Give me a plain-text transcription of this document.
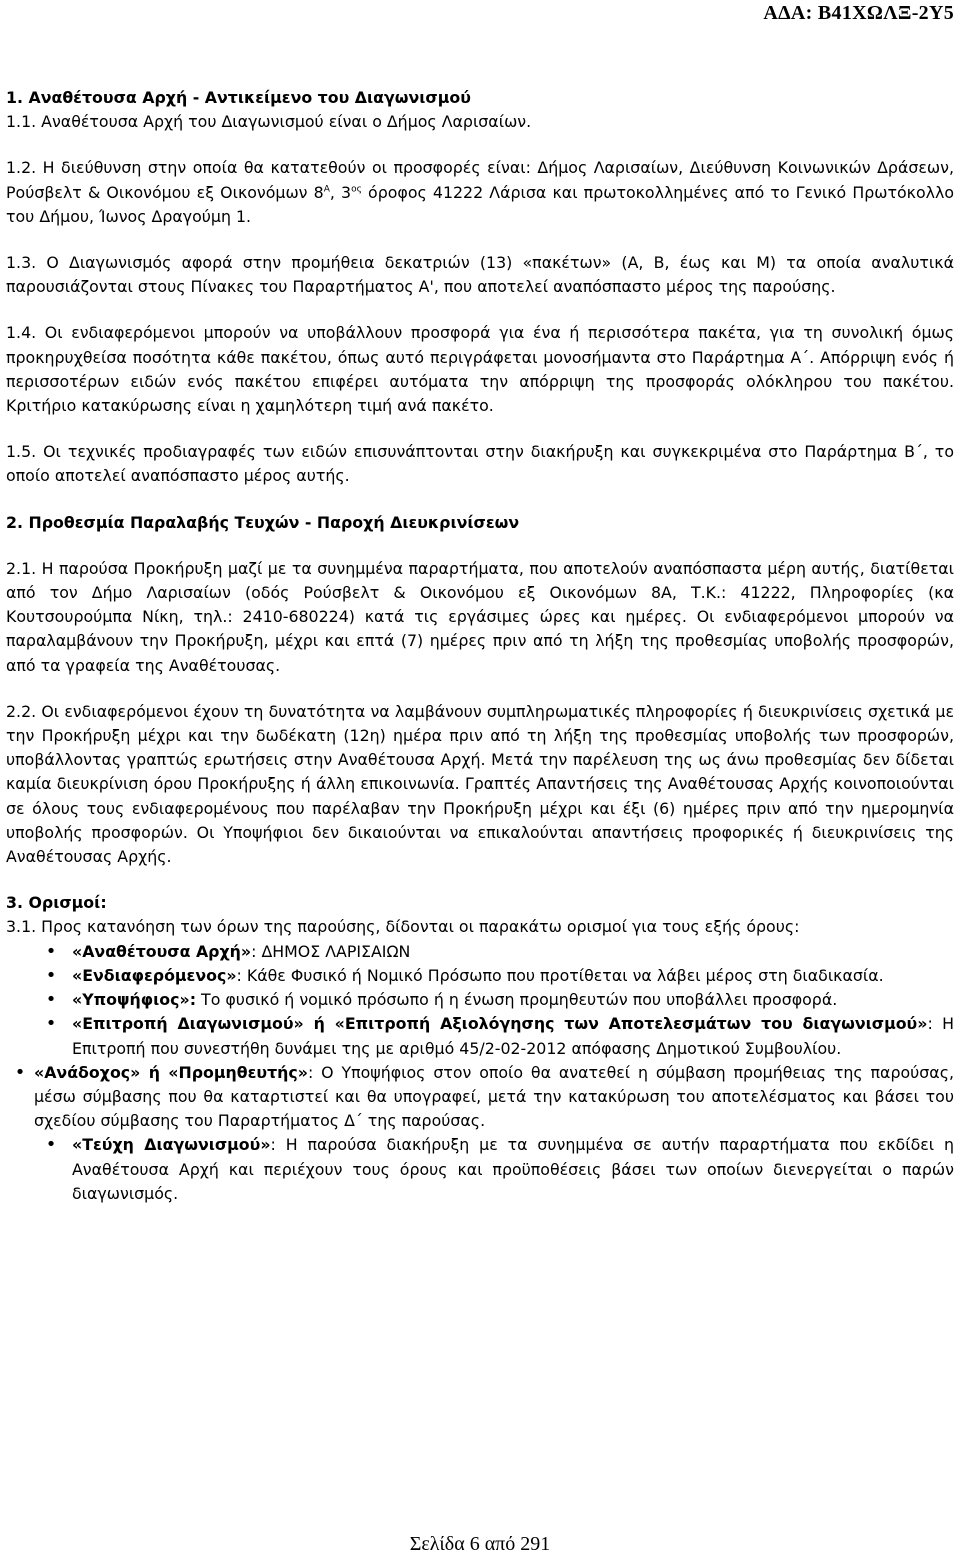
ΑΔΑ: Β41ΧΩΛΞ-2Υ5

1. Αναθέτουσα Αρχή - Αντικείμενο του Διαγωνισμού

1.1. Αναθέτουσα Αρχή του Διαγωνισμού είναι ο Δήμος Λαρισαίων.

1.2. Η διεύθυνση στην οποία θα κατατεθούν οι προσφορές είναι: Δήμος Λαρισαίων, Διεύθυνση Κοινωνικών Δράσεων, Ρούσβελτ & Οικονόμου εξ Οικονόμων $8^A$, $3^{o\varsigma}$ όροφος 41222 Λάρισα και πρωτοκολλημένες από το Γενικό Πρωτόκολλο του Δήμου, Ίωνος Δραγούμη 1.

1.3. Ο Διαγωνισμός αφορά στην προμήθεια δεκατριών (13) «πακέτων» (Α, Β, έως και Μ) τα οποία αναλυτικά παρουσιάζονται στους Πίνακες του Παραρτήματος Α', που αποτελεί αναπόσπαστο μέρος της παρούσης.

1.4. Οι ενδιαφερόμενοι μπορούν να υποβάλλουν προσφορά για ένα ή περισσότερα πακέτα, για τη συνολική όμως προκηρυχθείσα ποσότητα κάθε πακέτου, όπως αυτό περιγράφεται μονοσήμαντα στο Παράρτημα Α΄. Απόρριψη ενός ή περισσοτέρων ειδών ενός πακέτου επιφέρει αυτόματα την απόρριψη της προσφοράς ολόκληρου του πακέτου. Κριτήριο κατακύρωσης είναι η χαμηλότερη τιμή ανά πακέτο.

1.5. Οι τεχνικές προδιαγραφές των ειδών επισυνάπτονται στην διακήρυξη και συγκεκριμένα στο Παράρτημα Β΄, το οποίο αποτελεί αναπόσπαστο μέρος αυτής.

2. Προθεσμία Παραλαβής Τευχών - Παροχή Διευκρινίσεων

2.1. Η παρούσα Προκήρυξη μαζί με τα συνημμένα παραρτήματα, που αποτελούν αναπόσπαστα μέρη αυτής, διατίθεται από τον Δήμο Λαρισαίων (οδός Ρούσβελτ & Οικονόμου εξ Οικονόμων 8Α, Τ.Κ.: 41222, Πληροφορίες (κα Κουτσουρούμπα Νίκη, τηλ.: 2410-680224) κατά τις εργάσιμες ώρες και ημέρες. Οι ενδιαφερόμενοι μπορούν να παραλαμβάνουν την Προκήρυξη, μέχρι και επτά (7) ημέρες πριν από τη λήξη της προθεσμίας υποβολής προσφορών, από τα γραφεία της Αναθέτουσας.

2.2. Οι ενδιαφερόμενοι έχουν τη δυνατότητα να λαμβάνουν συμπληρωματικές πληροφορίες ή διευκρινίσεις σχετικά με την Προκήρυξη μέχρι και την δωδέκατη (12η) ημέρα πριν από τη λήξη της προθεσμίας υποβολής των προσφορών, υποβάλλοντας γραπτώς ερωτήσεις στην Αναθέτουσα Αρχή. Μετά την παρέλευση της ως άνω προθεσμίας δεν δίδεται καμία διευκρίνιση όρου Προκήρυξης ή άλλη επικοινωνία. Γραπτές Απαντήσεις της Αναθέτουσας Αρχής κοινοποιούνται σε όλους τους ενδιαφερομένους που παρέλαβαν την Προκήρυξη μέχρι και έξι (6) ημέρες πριν από την ημερομηνία υποβολής προσφορών. Οι Υποψήφιοι δεν δικαιούνται να επικαλούνται απαντήσεις προφορικές ή διευκρινίσεις της Αναθέτουσας Αρχής.

3. Ορισμοί:

3.1. Προς κατανόηση των όρων της παρούσης, δίδονται οι παρακάτω ορισμοί για τους εξής όρους:

• «Αναθέτουσα Αρχή»: ΔΗΜΟΣ ΛΑΡΙΣΑΙΩΝ
• «Ενδιαφερόμενος»: Κάθε Φυσικό ή Νομικό Πρόσωπο που προτίθεται να λάβει μέρος στη διαδικασία.
• «Υποψήφιος»: Το φυσικό ή νομικό πρόσωπο ή η ένωση προμηθευτών που υποβάλλει προσφορά.
• «Επιτροπή Διαγωνισμού» ή «Επιτροπή Αξιολόγησης των Αποτελεσμάτων του διαγωνισμού»: Η Επιτροπή που συνεστήθη δυνάμει της με αριθμό 45/2-02-2012 απόφασης Δημοτικού Συμβουλίου.
• «Ανάδοχος» ή «Προμηθευτής»: Ο Υποψήφιος στον οποίο θα ανατεθεί η σύμβαση προμήθειας της παρούσας, μέσω σύμβασης που θα καταρτιστεί και θα υπογραφεί, μετά την κατακύρωση του αποτελέσματος και βάσει του σχεδίου σύμβασης του Παραρτήματος Δ΄ της παρούσας.
• «Τεύχη Διαγωνισμού»: Η παρούσα διακήρυξη με τα συνημμένα σε αυτήν παραρτήματα που εκδίδει η Αναθέτουσα Αρχή και περιέχουν τους όρους και προϋποθέσεις βάσει των οποίων διενεργείται ο παρών διαγωνισμός.
Σελίδα 6 από 291
